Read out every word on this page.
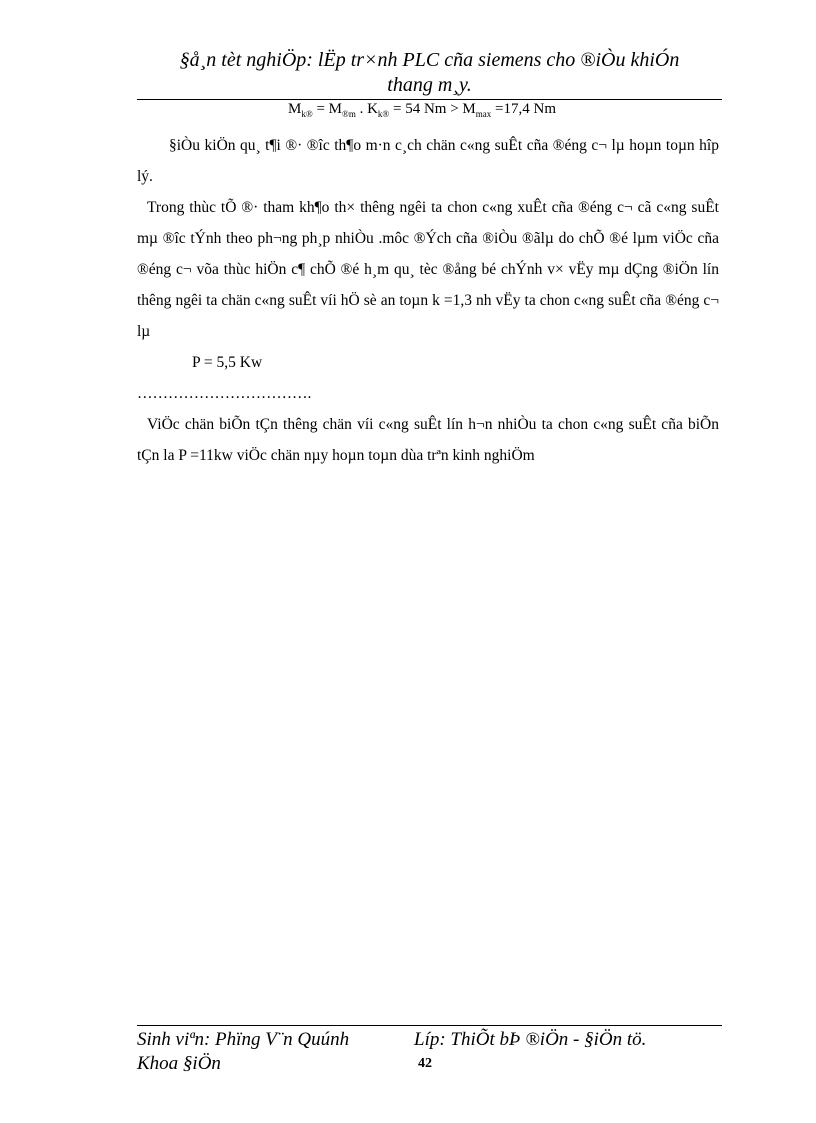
§å¸n tèt nghiÖp: lËp tr×nh PLC cña siemens cho ®iÒu khiÓn
thang m¸y.
$M_{k®} = M_{®m}$ . $K_{k®} = 54$ $Nm > M_{max} =17,4$ Nm

§iÒu kiÖn qu¸ t¶i ®· ®îc th¶o m·n c¸ch chän c«ng suÊt cña ®éng c¬ lµ hoµn toµn hîp lý.

Trong thùc tÕ ®· tham kh¶o th× thêng ngêi ta chon c«ng xuÊt cña ®éng c¬ cã c«ng suÊt mµ ®îc tÝnh theo ph¬ng ph¸p nhiÒu .môc ®Ých cña ®iÒu ®ãlµ do chÕ ®é lµm viÖc cña ®éng c¬ võa thùc hiÖn c¶ chÕ ®é h¸m qu¸ tèc ®ång bé chÝnh v× vËy mµ dÇng ®iÖn lín thêng ngêi ta chän c«ng suÊt víi hÖ sè an toµn k =1,3 nh vËy ta chon c«ng suÊt cña ®éng c¬ lµ

P = 5,5 Kw

…………………………….

ViÖc chän biÕn tÇn thêng chän víi c«ng suÊt lín h¬n nhiÒu ta chon c«ng suÊt cña biÕn tÇn la P =11kw viÖc chän nµy hoµn toµn dùa trªn kinh nghiÖm

Sinh viªn: Phïng V¨n Quúnh	Líp: ThiÕt bÞ ®iÖn - §iÖn tö.
Khoa §iÖn	42
